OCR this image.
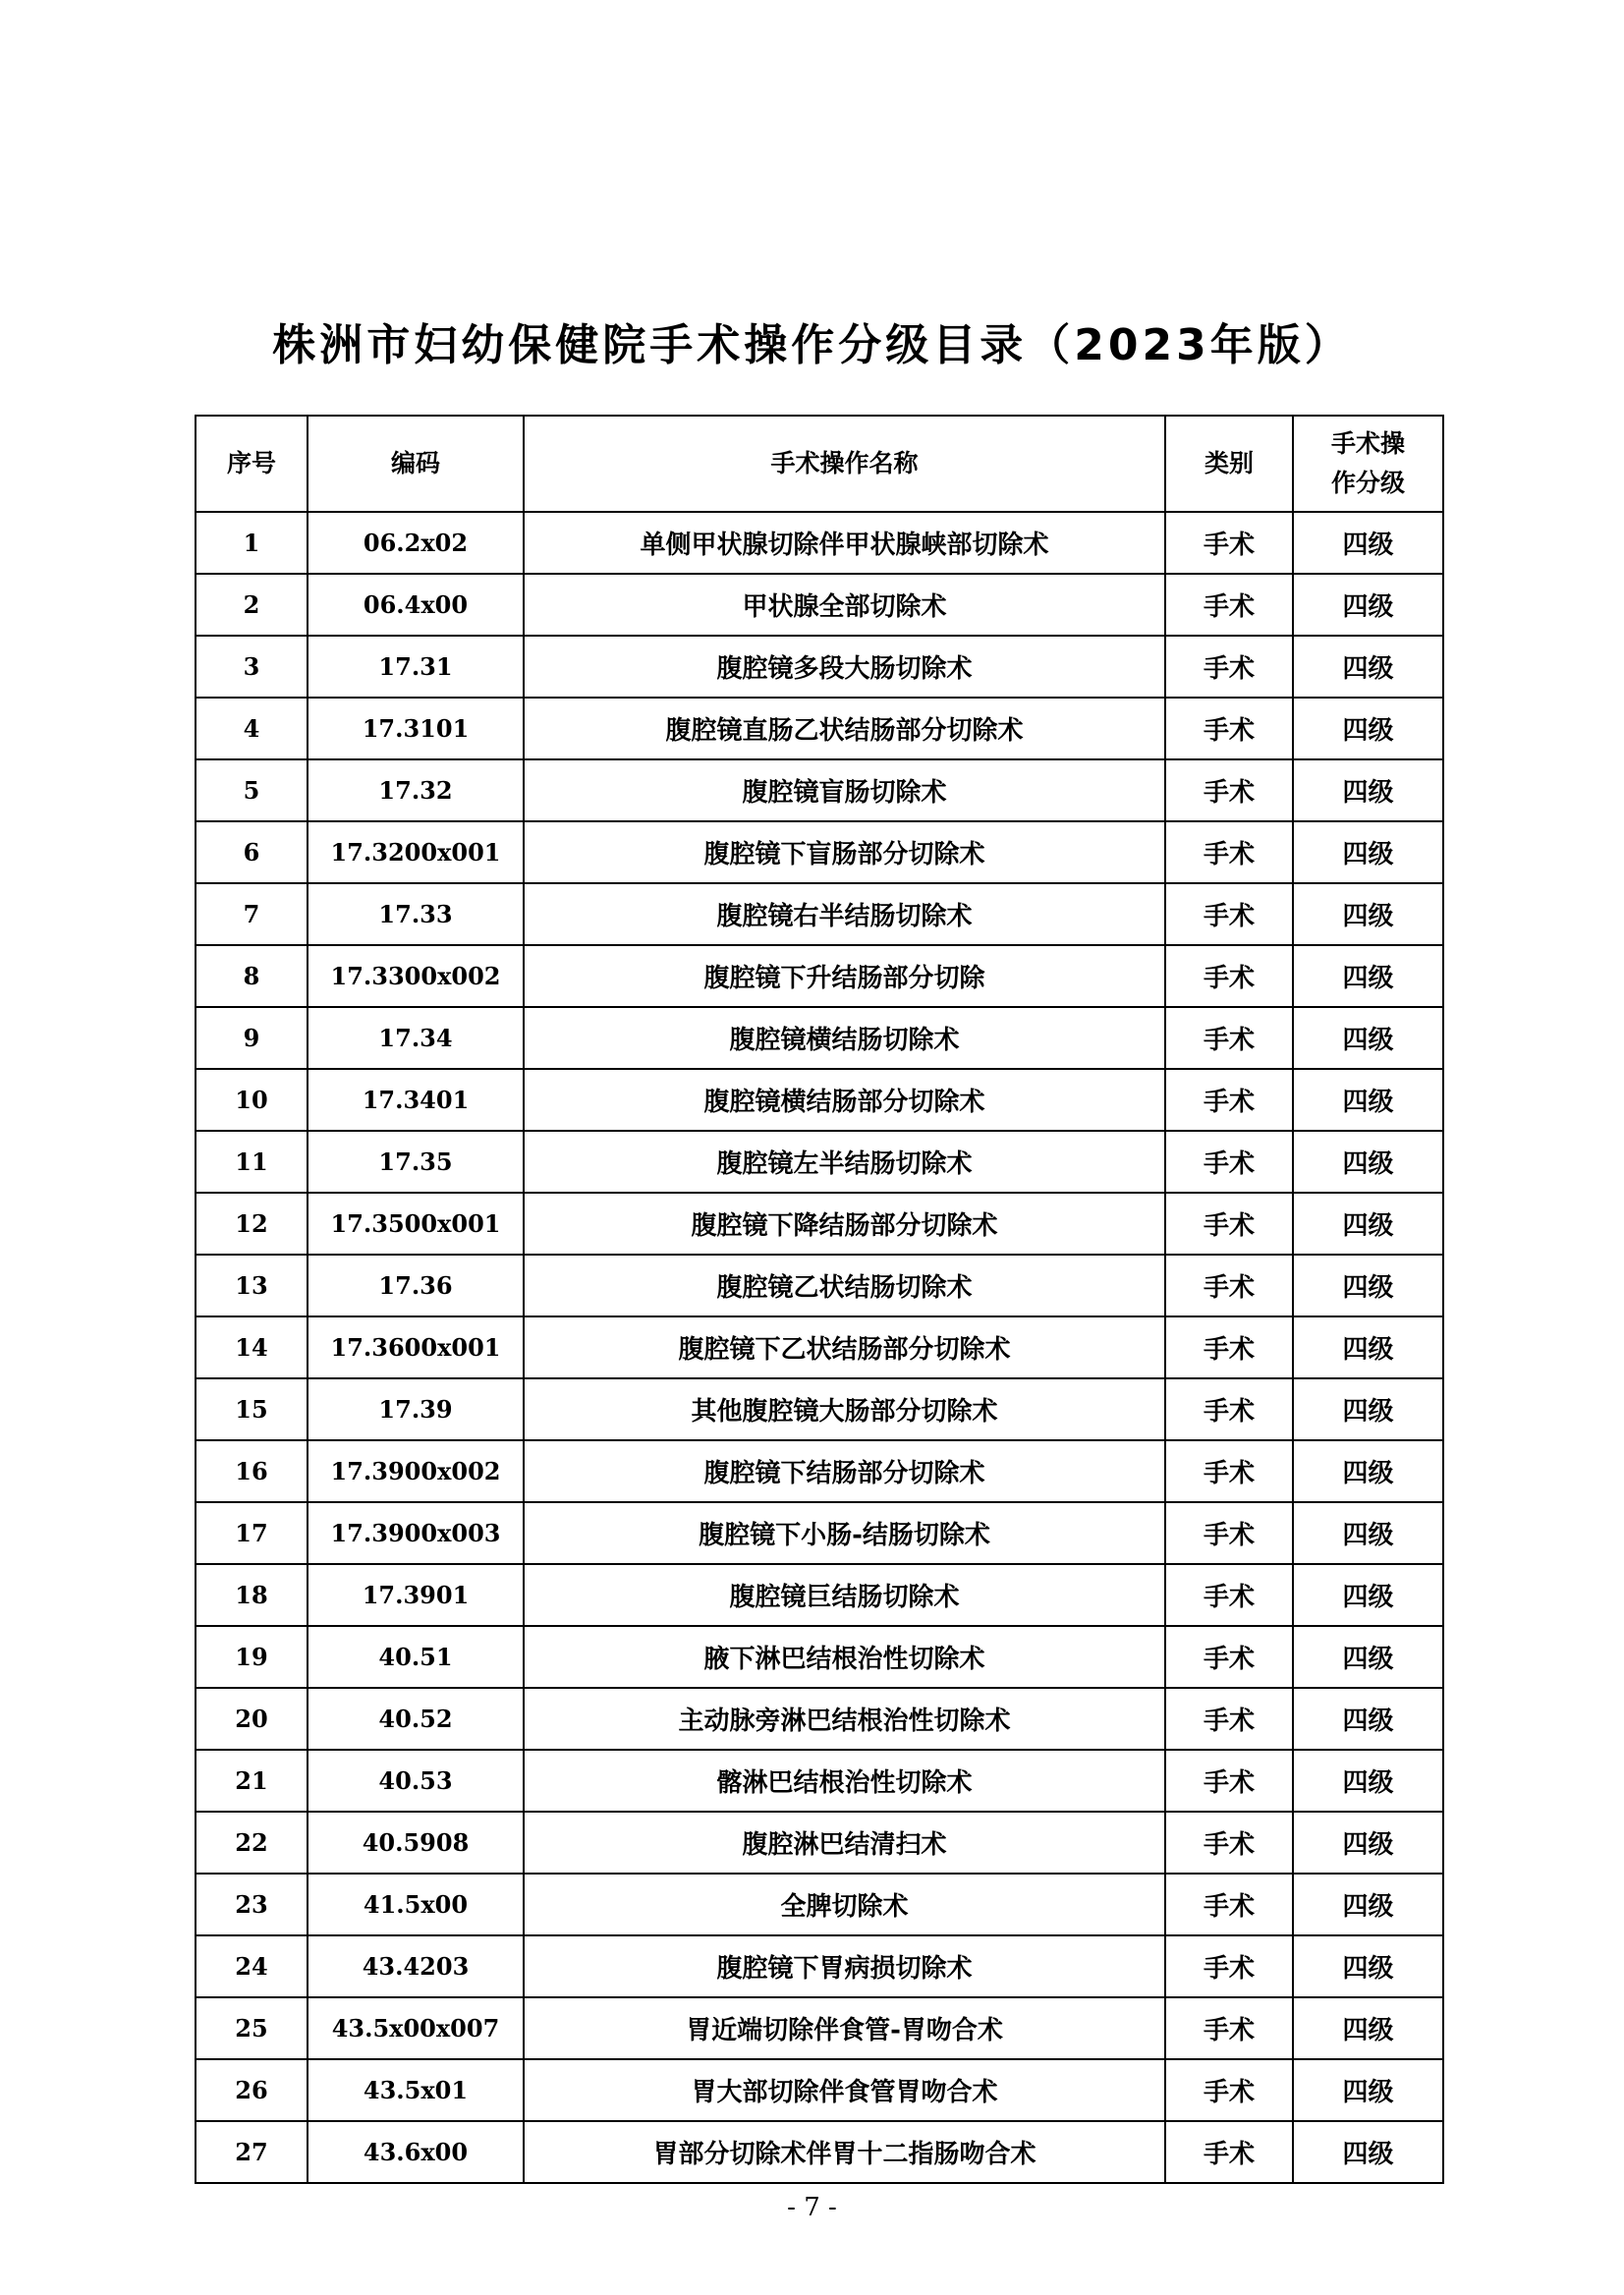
株洲市妇幼保健院手术操作分级目录（2023年版）
序号	编码	手术操作名称	类别	手术操作分级

1	06.2x02	单侧甲状腺切除伴甲状腺峡部切除术	手术	四级
2	06.4x00	甲状腺全部切除术	手术	四级
3	17.31	腹腔镜多段大肠切除术	手术	四级
4	17.3101	腹腔镜直肠乙状结肠部分切除术	手术	四级
5	17.32	腹腔镜盲肠切除术	手术	四级
6	17.3200x001	腹腔镜下盲肠部分切除术	手术	四级
7	17.33	腹腔镜右半结肠切除术	手术	四级
8	17.3300x002	腹腔镜下升结肠部分切除	手术	四级
9	17.34	腹腔镜横结肠切除术	手术	四级
10	17.3401	腹腔镜横结肠部分切除术	手术	四级
11	17.35	腹腔镜左半结肠切除术	手术	四级
12	17.3500x001	腹腔镜下降结肠部分切除术	手术	四级
13	17.36	腹腔镜乙状结肠切除术	手术	四级
14	17.3600x001	腹腔镜下乙状结肠部分切除术	手术	四级
15	17.39	其他腹腔镜大肠部分切除术	手术	四级
16	17.3900x002	腹腔镜下结肠部分切除术	手术	四级
17	17.3900x003	腹腔镜下小肠-结肠切除术	手术	四级
18	17.3901	腹腔镜巨结肠切除术	手术	四级
19	40.51	腋下淋巴结根治性切除术	手术	四级
20	40.52	主动脉旁淋巴结根治性切除术	手术	四级
21	40.53	髂淋巴结根治性切除术	手术	四级
22	40.5908	腹腔淋巴结清扫术	手术	四级
23	41.5x00	全脾切除术	手术	四级
24	43.4203	腹腔镜下胃病损切除术	手术	四级
25	43.5x00x007	胃近端切除伴食管-胃吻合术	手术	四级
26	43.5x01	胃大部切除伴食管胃吻合术	手术	四级
27	43.6x00	胃部分切除术伴胃十二指肠吻合术	手术	四级
- 7 -
